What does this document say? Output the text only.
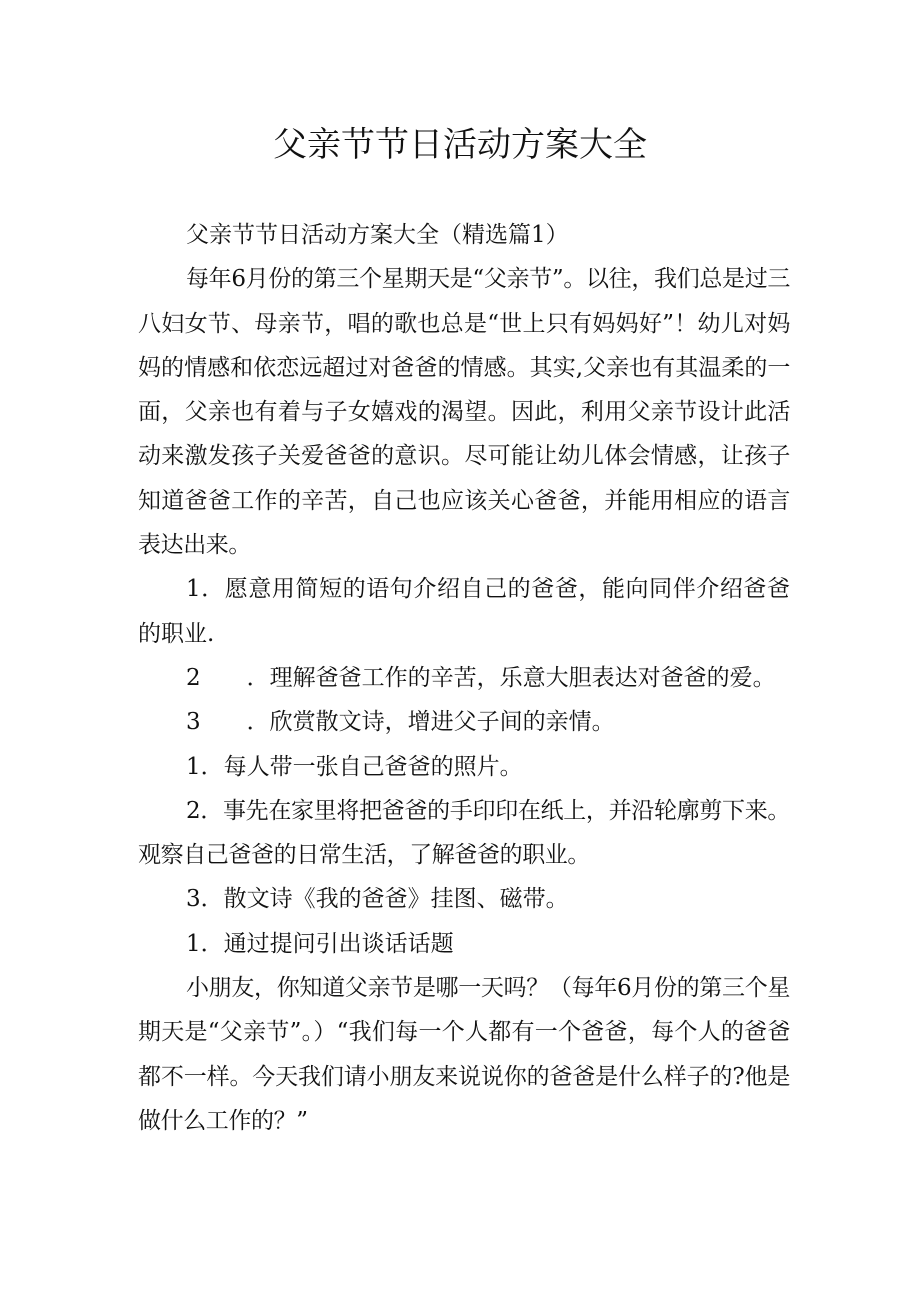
父亲节节日活动方案大全

父亲节节日活动方案大全（精选篇1）

每年6月份的第三个星期天是“父亲节”。以往，我们总是过三八妇女节、母亲节，唱的歌也总是“世上只有妈妈好”！幼儿对妈妈的情感和依恋远超过对爸爸的情感。其实,父亲也有其温柔的一面，父亲也有着与子女嬉戏的渴望。因此，利用父亲节设计此活动来激发孩子关爱爸爸的意识。尽可能让幼儿体会情感，让孩子知道爸爸工作的辛苦，自己也应该关心爸爸，并能用相应的语言表达出来。

1．愿意用简短的语句介绍自己的爸爸，能向同伴介绍爸爸的职业.

2　　．理解爸爸工作的辛苦，乐意大胆表达对爸爸的爱。

3　　．欣赏散文诗，增进父子间的亲情。

1．每人带一张自己爸爸的照片。

2．事先在家里将把爸爸的手印印在纸上，并沿轮廓剪下来。观察自己爸爸的日常生活，了解爸爸的职业。

3．散文诗《我的爸爸》挂图、磁带。

1．通过提问引出谈话话题

小朋友，你知道父亲节是哪一天吗？（每年6月份的第三个星期天是“父亲节”。）“我们每一个人都有一个爸爸，每个人的爸爸都不一样。今天我们请小朋友来说说你的爸爸是什么样子的?他是做什么工作的？”
